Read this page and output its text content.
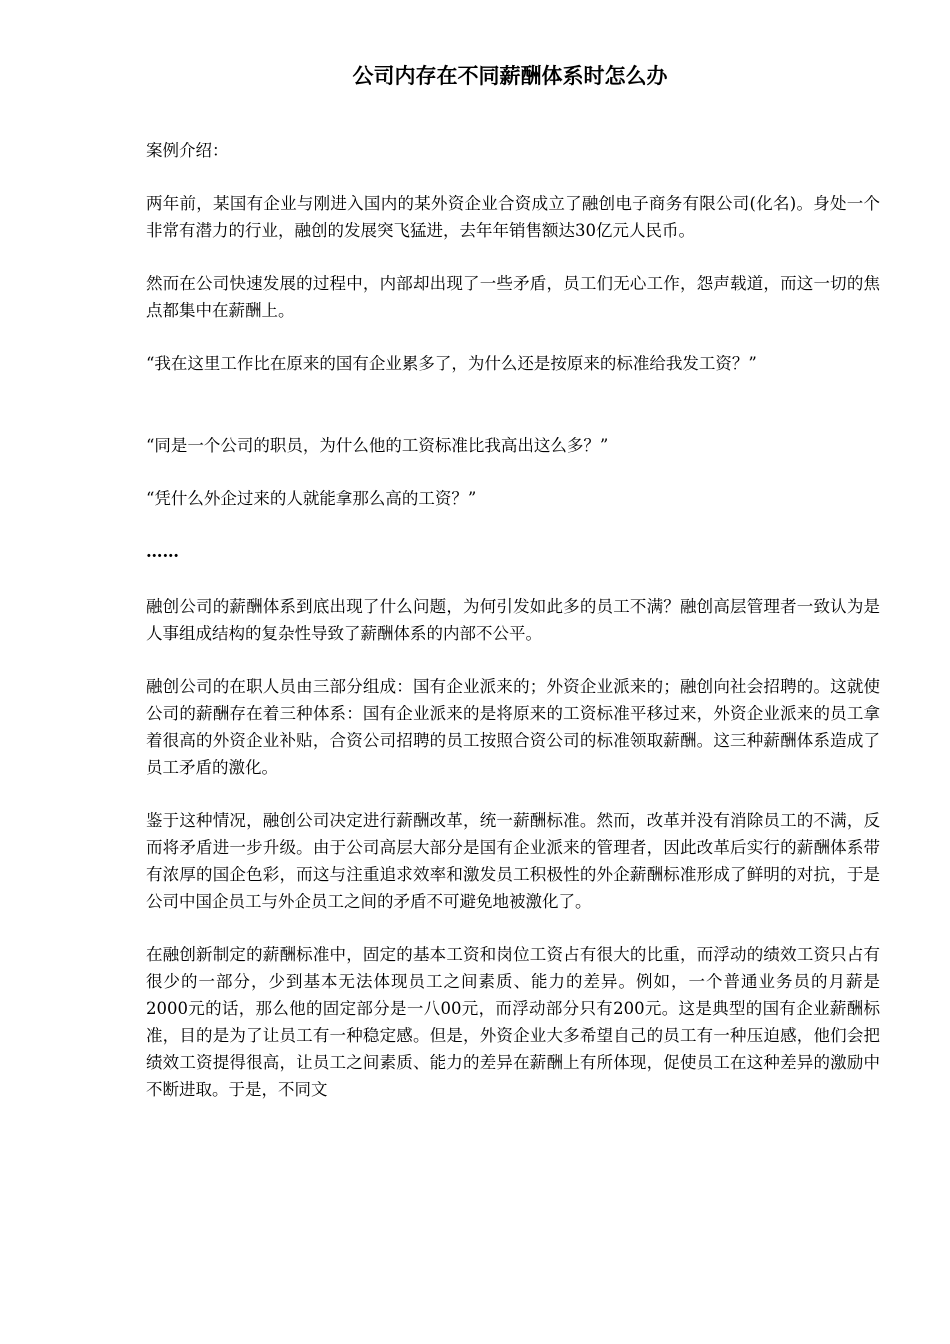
公司内存在不同薪酬体系时怎么办

案例介绍：

两年前，某国有企业与刚进入国内的某外资企业合资成立了融创电子商务有限公司(化名)。身处一个非常有潜力的行业，融创的发展突飞猛进，去年年销售额达30亿元人民币。

然而在公司快速发展的过程中，内部却出现了一些矛盾，员工们无心工作，怨声载道，而这一切的焦点都集中在薪酬上。

“我在这里工作比在原来的国有企业累多了，为什么还是按原来的标准给我发工资？”

“同是一个公司的职员，为什么他的工资标准比我高出这么多？”

“凭什么外企过来的人就能拿那么高的工资？”

……

融创公司的薪酬体系到底出现了什么问题，为何引发如此多的员工不满？融创高层管理者一致认为是人事组成结构的复杂性导致了薪酬体系的内部不公平。

融创公司的在职人员由三部分组成：国有企业派来的；外资企业派来的；融创向社会招聘的。这就使公司的薪酬存在着三种体系：国有企业派来的是将原来的工资标准平移过来，外资企业派来的员工拿着很高的外资企业补贴，合资公司招聘的员工按照合资公司的标准领取薪酬。这三种薪酬体系造成了员工矛盾的激化。

鉴于这种情况，融创公司决定进行薪酬改革，统一薪酬标准。然而，改革并没有消除员工的不满，反而将矛盾进一步升级。由于公司高层大部分是国有企业派来的管理者，因此改革后实行的薪酬体系带有浓厚的国企色彩，而这与注重追求效率和激发员工积极性的外企薪酬标准形成了鲜明的对抗，于是公司中国企员工与外企员工之间的矛盾不可避免地被激化了。

在融创新制定的薪酬标准中，固定的基本工资和岗位工资占有很大的比重，而浮动的绩效工资只占有很少的一部分，少到基本无法体现员工之间素质、能力的差异。例如，一个普通业务员的月薪是2000元的话，那么他的固定部分是一八00元，而浮动部分只有200元。这是典型的国有企业薪酬标准，目的是为了让员工有一种稳定感。但是，外资企业大多希望自己的员工有一种压迫感，他们会把绩效工资提得很高，让员工之间素质、能力的差异在薪酬上有所体现，促使员工在这种差异的激励中不断进取。于是，不同文
